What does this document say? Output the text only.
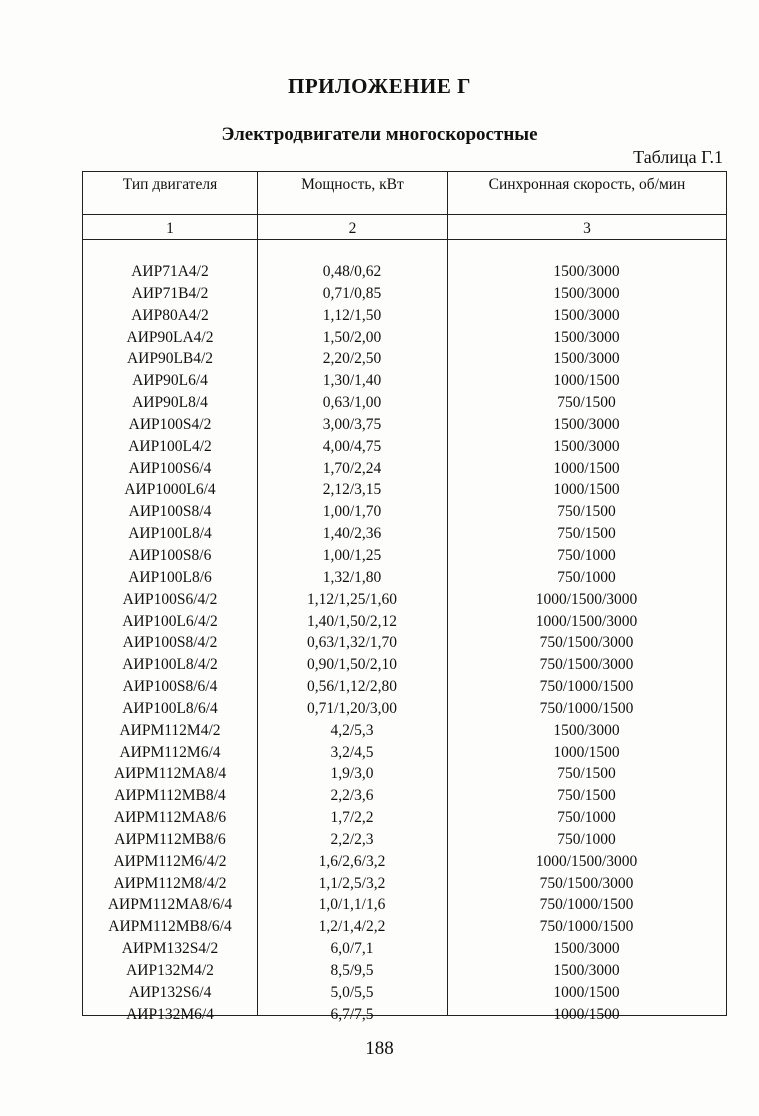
ПРИЛОЖЕНИЕ Г
Электродвигатели многоскоростные
Таблица Г.1
Тип двигателя	Мощность, кВт	Синхронная скорость, об/мин
1	2	3
АИР71А4/2	0,48/0,62	1500/3000
АИР71В4/2	0,71/0,85	1500/3000
АИР80А4/2	1,12/1,50	1500/3000
АИР90LА4/2	1,50/2,00	1500/3000
АИР90LВ4/2	2,20/2,50	1500/3000
АИР90L6/4	1,30/1,40	1000/1500
АИР90L8/4	0,63/1,00	750/1500
АИР100S4/2	3,00/3,75	1500/3000
АИР100L4/2	4,00/4,75	1500/3000
АИР100S6/4	1,70/2,24	1000/1500
АИР1000L6/4	2,12/3,15	1000/1500
АИР100S8/4	1,00/1,70	750/1500
АИР100L8/4	1,40/2,36	750/1500
АИР100S8/6	1,00/1,25	750/1000
АИР100L8/6	1,32/1,80	750/1000
АИР100S6/4/2	1,12/1,25/1,60	1000/1500/3000
АИР100L6/4/2	1,40/1,50/2,12	1000/1500/3000
АИР100S8/4/2	0,63/1,32/1,70	750/1500/3000
АИР100L8/4/2	0,90/1,50/2,10	750/1500/3000
АИР100S8/6/4	0,56/1,12/2,80	750/1000/1500
АИР100L8/6/4	0,71/1,20/3,00	750/1000/1500
АИРМ112М4/2	4,2/5,3	1500/3000
АИРМ112М6/4	3,2/4,5	1000/1500
АИРМ112МА8/4	1,9/3,0	750/1500
АИРМ112МВ8/4	2,2/3,6	750/1500
АИРМ112МА8/6	1,7/2,2	750/1000
АИРМ112МВ8/6	2,2/2,3	750/1000
АИРМ112М6/4/2	1,6/2,6/3,2	1000/1500/3000
АИРМ112М8/4/2	1,1/2,5/3,2	750/1500/3000
АИРМ112МА8/6/4	1,0/1,1/1,6	750/1000/1500
АИРМ112МВ8/6/4	1,2/1,4/2,2	750/1000/1500
АИРМ132S4/2	6,0/7,1	1500/3000
АИР132М4/2	8,5/9,5	1500/3000
АИР132S6/4	5,0/5,5	1000/1500
АИР132М6/4	6,7/7,5	1000/1500
188
